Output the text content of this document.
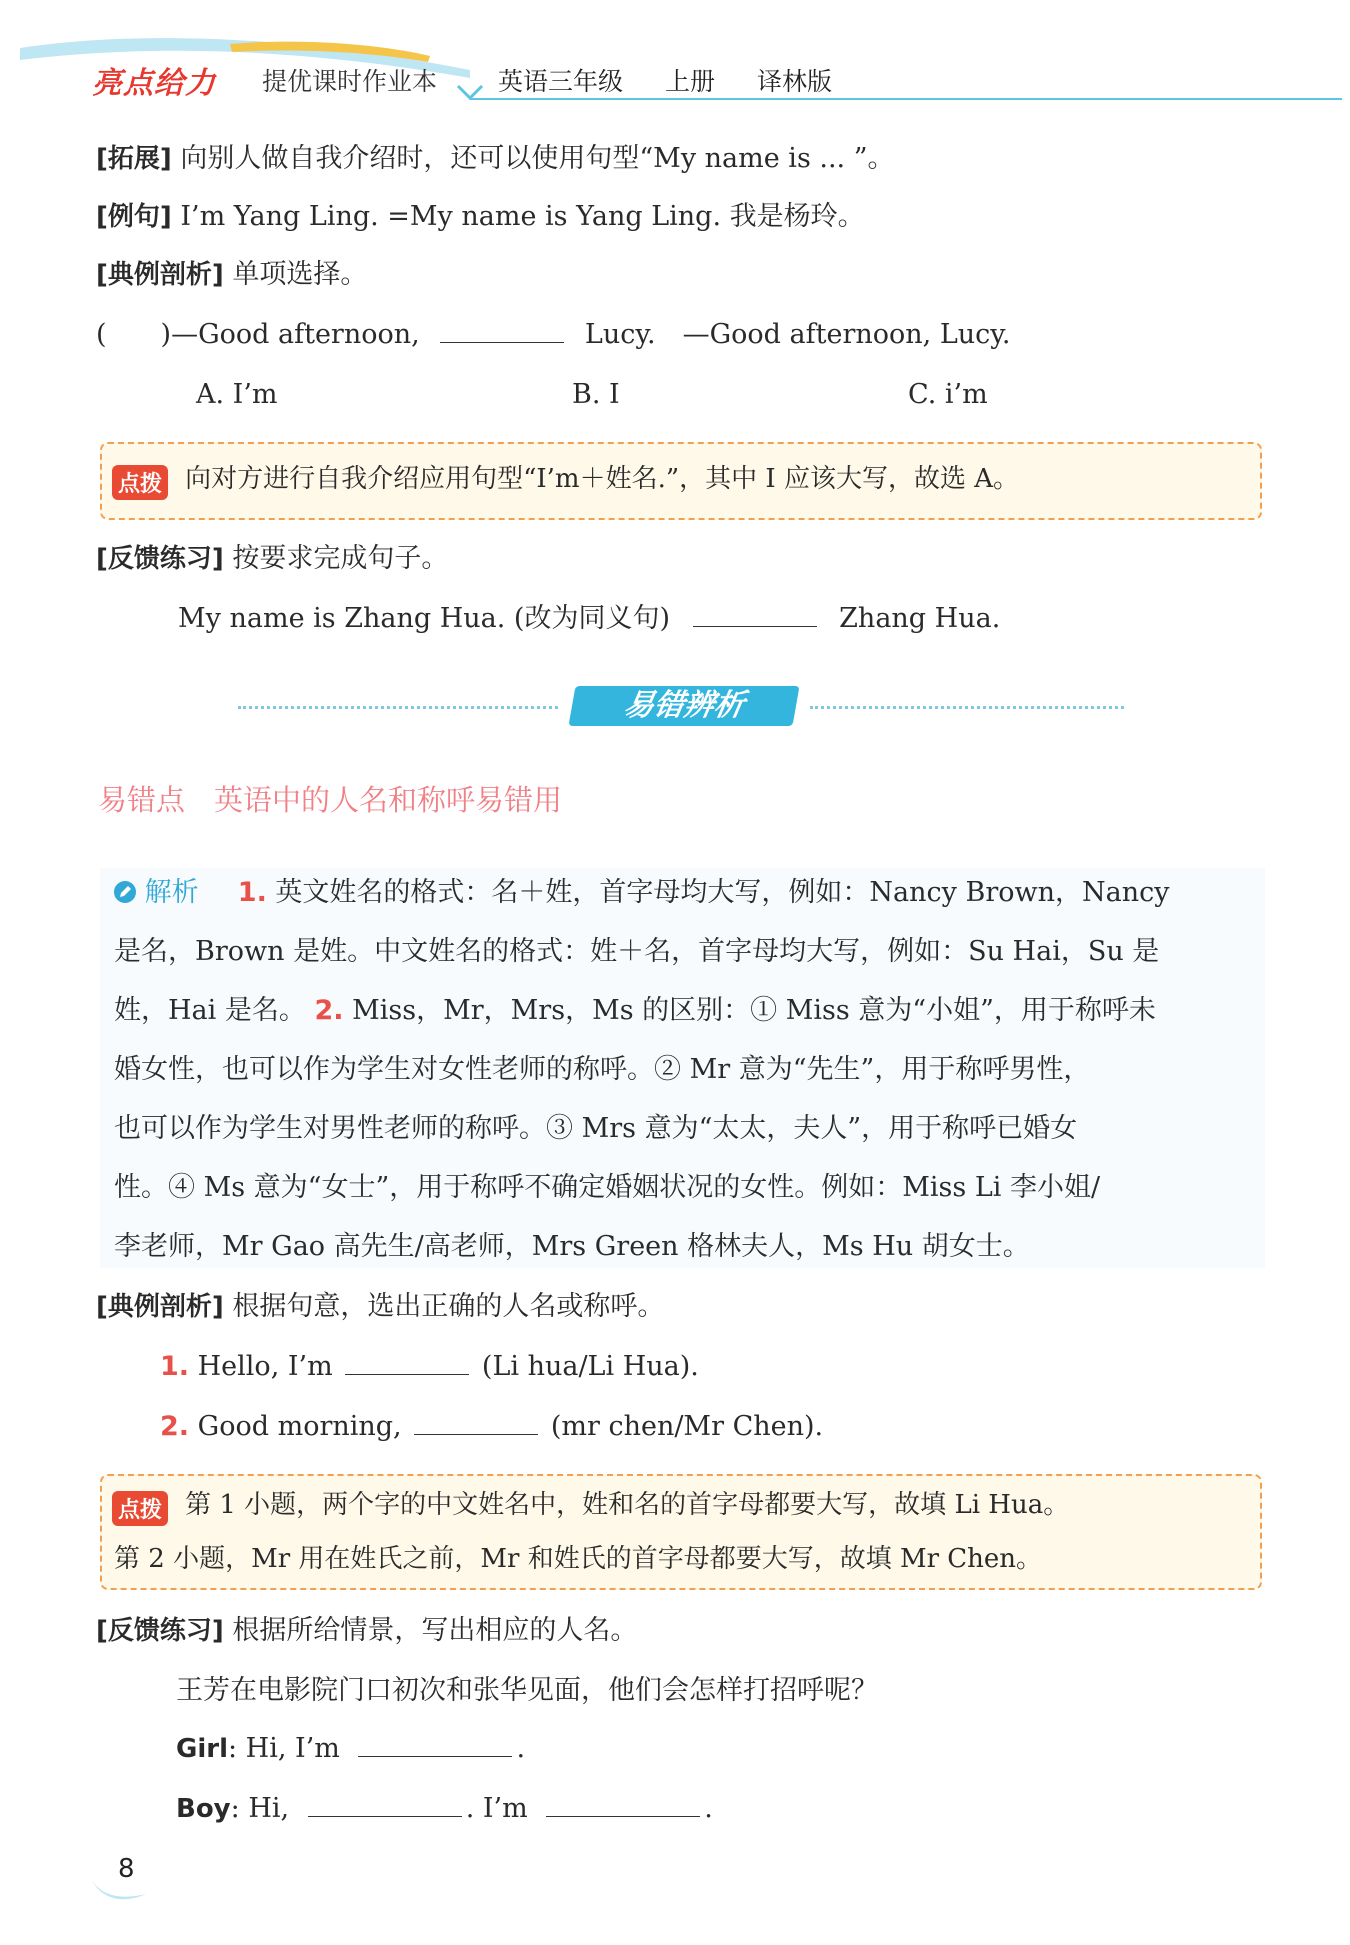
亮点给力 提优课时作业本 英语三年级 上册 译林版
[拓展] 向别人做自我介绍时，还可以使用句型“My name is ... ”。
[例句] I’m Yang Ling. =My name is Yang Ling. 我是杨玲。
[典例剖析] 单项选择。
(　　)—Good afternoon,	Lucy.　—Good afternoon, Lucy.
A. I’m	B. I	C. i’m
点拨 向对方进行自我介绍应用句型“I’m＋姓名.”，其中 I 应该大写，故选 A。
[反馈练习] 按要求完成句子。
My name is Zhang Hua. (改为同义句)	Zhang Hua.
易错辨析
易错点　英语中的人名和称呼易错用
解析 1. 英文姓名的格式：名＋姓，首字母均大写，例如：Nancy Brown，Nancy
是名，Brown 是姓。中文姓名的格式：姓＋名，首字母均大写，例如：Su Hai，Su 是
姓，Hai 是名。 2. Miss，Mr，Mrs，Ms 的区别：① Miss 意为“小姐”，用于称呼未
婚女性，也可以作为学生对女性老师的称呼。② Mr 意为“先生”，用于称呼男性，
也可以作为学生对男性老师的称呼。③ Mrs 意为“太太，夫人”，用于称呼已婚女
性。④ Ms 意为“女士”，用于称呼不确定婚姻状况的女性。例如：Miss Li 李小姐/
李老师，Mr Gao 高先生/高老师，Mrs Green 格林夫人，Ms Hu 胡女士。
[典例剖析] 根据句意，选出正确的人名或称呼。
1. Hello, I’m	(Li hua/Li Hua).
2. Good morning,	(mr chen/Mr Chen).
点拨 第 1 小题，两个字的中文姓名中，姓和名的首字母都要大写，故填 Li Hua。
第 2 小题，Mr 用在姓氏之前，Mr 和姓氏的首字母都要大写，故填 Mr Chen。
[反馈练习] 根据所给情景，写出相应的人名。
王芳在电影院门口初次和张华见面，他们会怎样打招呼呢？
Girl: Hi, I’m	.
Boy: Hi,	. I’m	.
8
